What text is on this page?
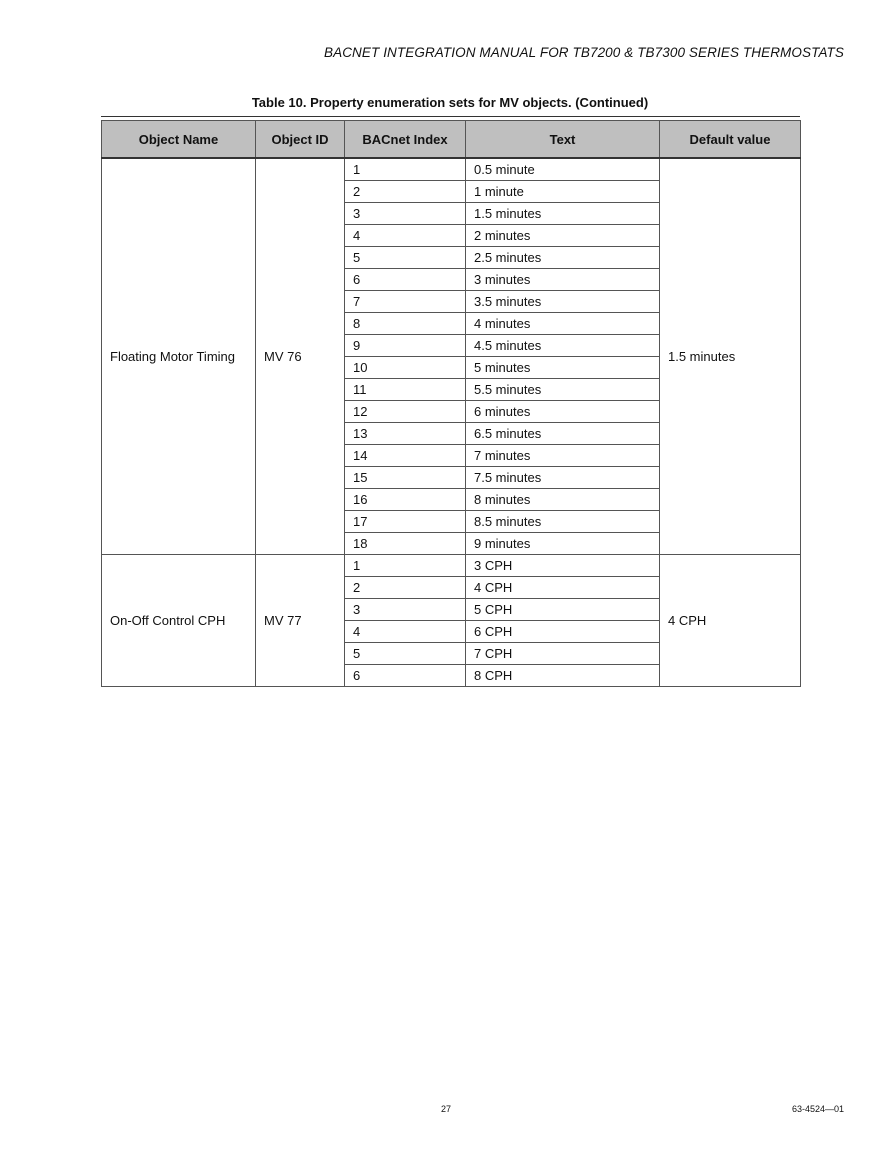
BACNET INTEGRATION MANUAL FOR TB7200 & TB7300 SERIES THERMOSTATS
Table 10. Property enumeration sets for MV objects. (Continued)
Object Name	Object ID	BACnet Index	Text	Default value
Floating Motor Timing	MV 76	1	0.5 minute	1.5 minutes
		2	1 minute	
		3	1.5 minutes	
		4	2 minutes	
		5	2.5 minutes	
		6	3 minutes	
		7	3.5 minutes	
		8	4 minutes	
		9	4.5 minutes	
		10	5 minutes	
		11	5.5 minutes	
		12	6 minutes	
		13	6.5 minutes	
		14	7 minutes	
		15	7.5 minutes	
		16	8 minutes	
		17	8.5 minutes	
		18	9 minutes	
On-Off Control CPH	MV 77	1	3 CPH	4 CPH
		2	4 CPH	
		3	5 CPH	
		4	6 CPH	
		5	7 CPH	
		6	8 CPH	
27	63-4524—01
